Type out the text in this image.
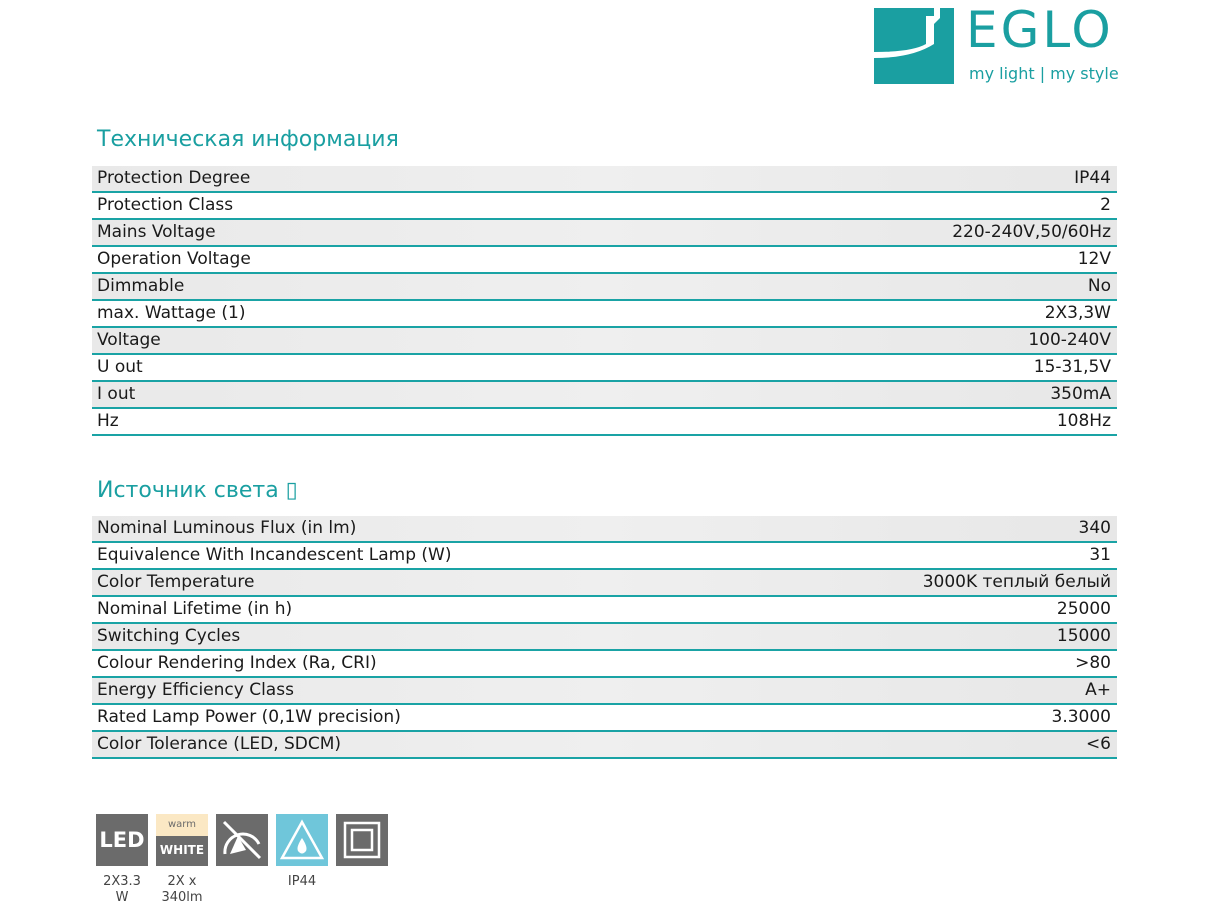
EGLO
my light | my style
Техническая информация
Protection Degree	IP44
Protection Class	2
Mains Voltage	220-240V,50/60Hz
Operation Voltage	12V
Dimmable	No
max. Wattage (1)	2X3,3W
Voltage	100-240V
U out	15-31,5V
I out	350mA
Hz	108Hz
Источник света ▯
Nominal Luminous Flux (in lm)	340
Equivalence With Incandescent Lamp (W)	31
Color Temperature	3000K теплый белый
Nominal Lifetime (in h)	25000
Switching Cycles	15000
Colour Rendering Index (Ra, CRI)	>80
Energy Efficiency Class	A+
Rated Lamp Power (0,1W precision)	3.3000
Color Tolerance (LED, SDCM)	<6
LED
2X3.3
W
warm
WHITE
2X x
340lm
IP44
